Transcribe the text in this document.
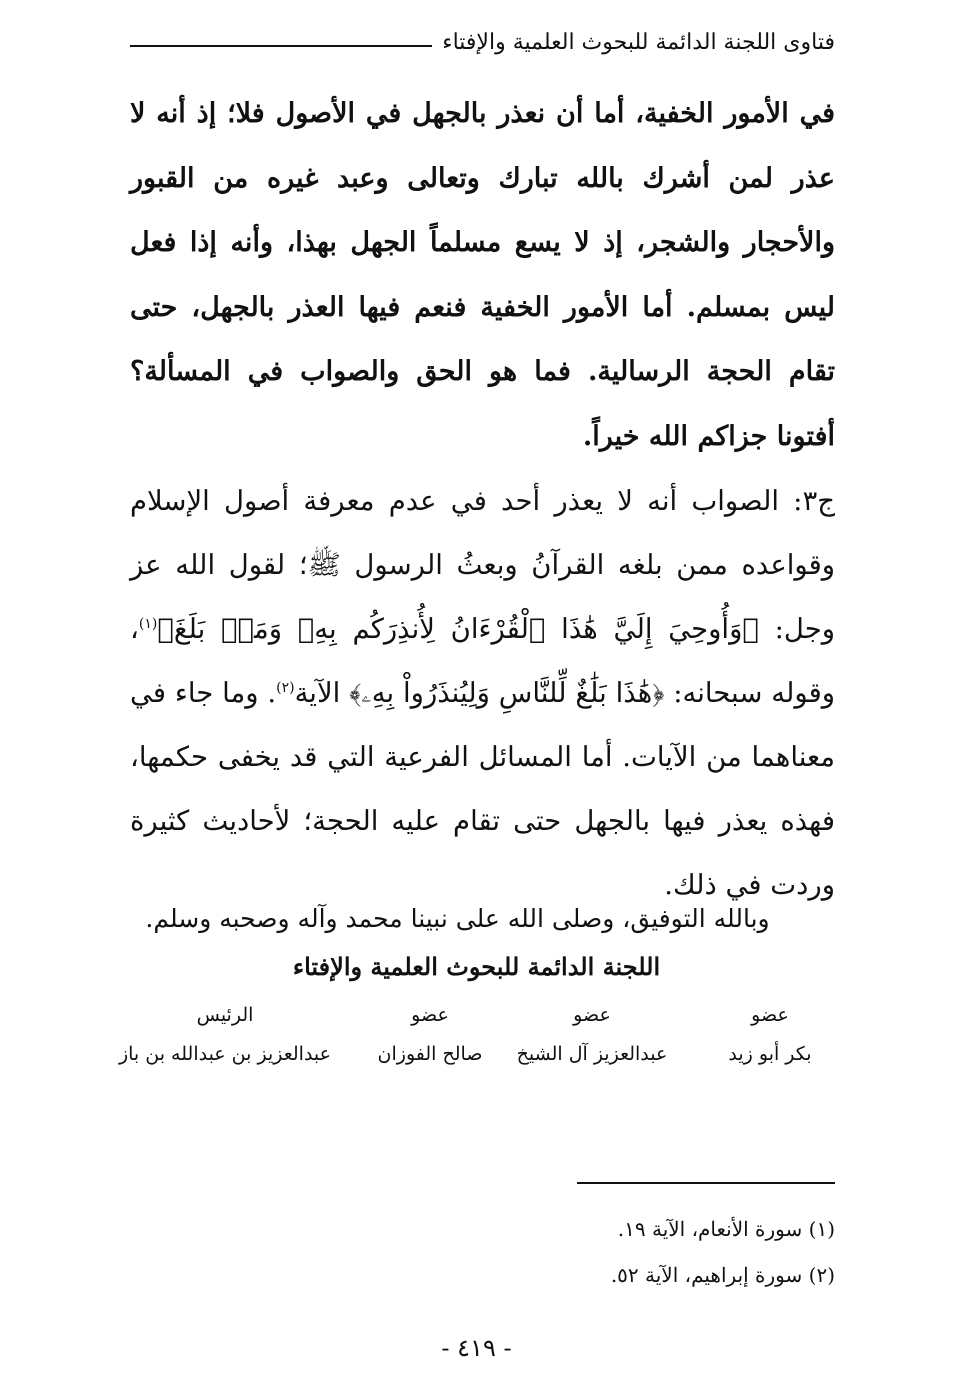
فتاوى اللجنة الدائمة للبحوث العلمية والإفتاء

في الأمور الخفية، أما أن نعذر بالجهل في الأصول فلا؛ إذ أنه لا عذر لمن أشرك بالله تبارك وتعالى وعبد غيره من القبور والأحجار والشجر، إذ لا يسع مسلماً الجهل بهذا، وأنه إذا فعل ليس بمسلم. أما الأمور الخفية فنعم فيها العذر بالجهل، حتى تقام الحجة الرسالية. فما هو الحق والصواب في المسألة؟ أفتونا جزاكم الله خيراً.

ج٣: الصواب أنه لا يعذر أحد في عدم معرفة أصول الإسلام وقواعده ممن بلغه القرآنُ وبعثُ الرسول ﷺ؛ لقول الله عز وجل: ﴿وَأُوحِيَ إِلَيَّ هَٰذَا ٱلْقُرْءَانُ لِأُنذِرَكُم بِهِۦ وَمَنۢ بَلَغَ﴾$^{(١)}$، وقوله سبحانه: ﴿هَٰذَا بَلَٰغٌ لِّلنَّاسِ وَلِيُنذَرُواْ بِهِۦ﴾ الآية$^{(٢)}$. وما جاء في معناهما من الآيات. أما المسائل الفرعية التي قد يخفى حكمها، فهذه يعذر فيها بالجهل حتى تقام عليه الحجة؛ لأحاديث كثيرة وردت في ذلك.

وبالله التوفيق، وصلى الله على نبينا محمد وآله وصحبه وسلم.
اللجنة الدائمة للبحوث العلمية والإفتاء
عضو
بكر أبو زيد
عضو
عبدالعزيز آل الشيخ
عضو
صالح الفوزان
الرئيس
عبدالعزيز بن عبدالله بن باز

(١) سورة الأنعام، الآية ١٩.

(٢) سورة إبراهيم، الآية ٥٢.

- ٤١٩ -
